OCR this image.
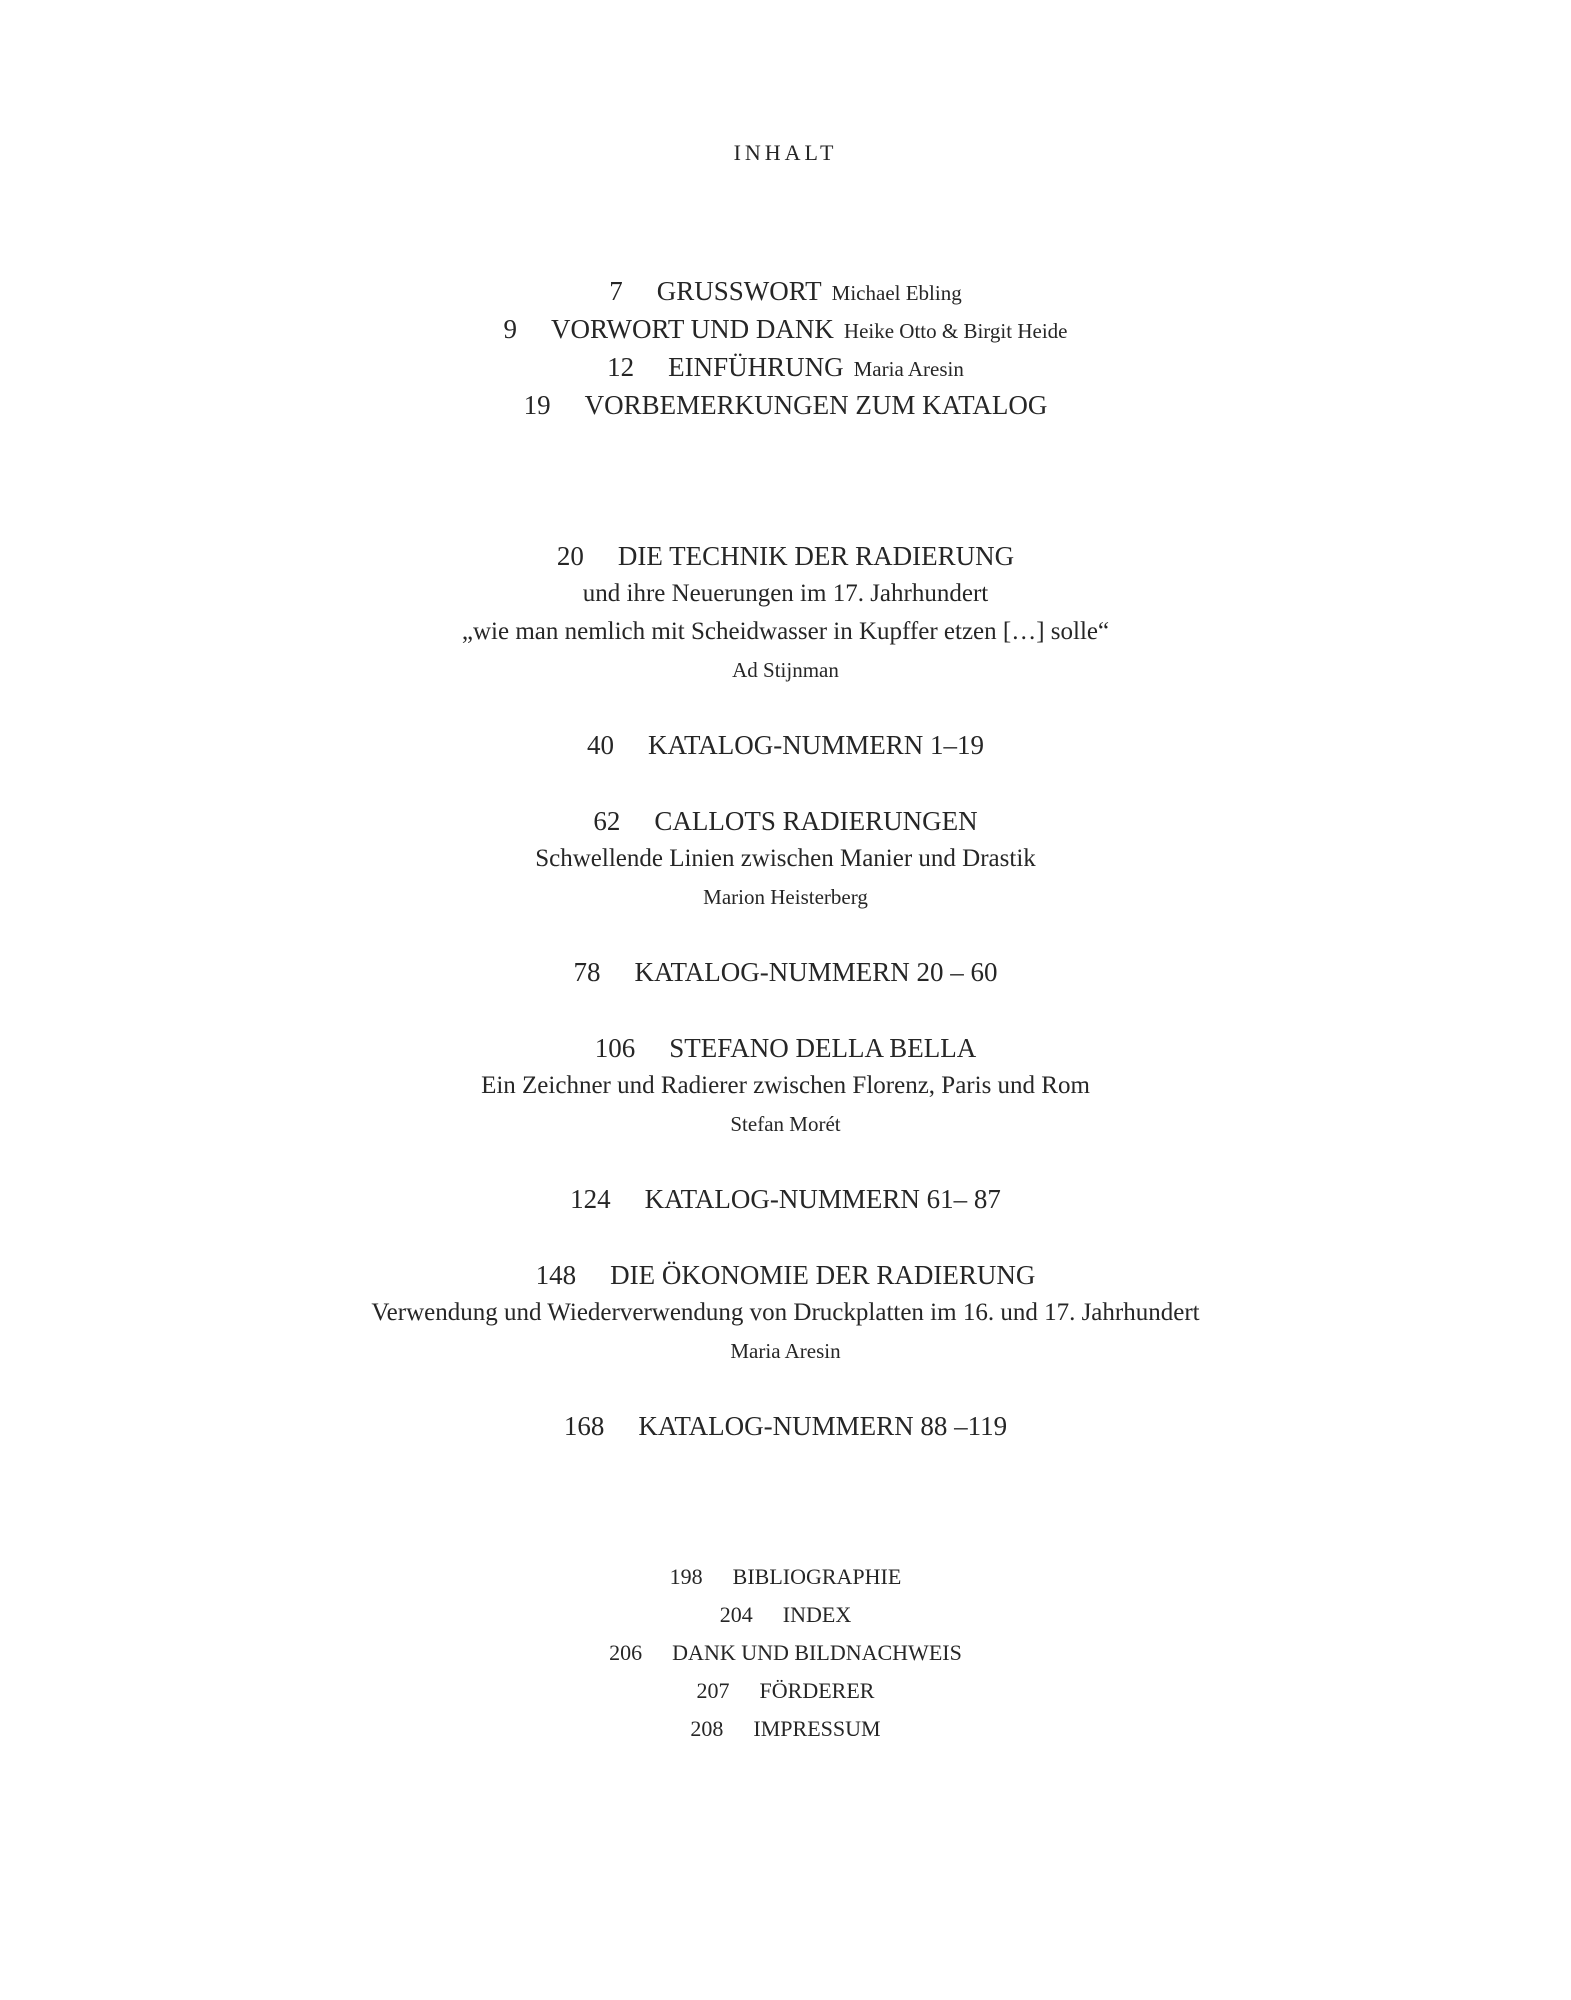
INHALT
7 GRUSSWORT Michael Ebling
9 VORWORT UND DANK Heike Otto & Birgit Heide
12 EINFÜHRUNG Maria Aresin
19 VORBEMERKUNGEN ZUM KATALOG
20 DIE TECHNIK DER RADIERUNG
und ihre Neuerungen im 17. Jahrhundert
„wie man nemlich mit Scheidwasser in Kupffer etzen […] solle“
Ad Stijnman
40 KATALOG-NUMMERN 1–19
62 CALLOTS RADIERUNGEN
Schwellende Linien zwischen Manier und Drastik
Marion Heisterberg
78 KATALOG-NUMMERN 20 – 60
106 STEFANO DELLA BELLA
Ein Zeichner und Radierer zwischen Florenz, Paris und Rom
Stefan Morét
124 KATALOG-NUMMERN 61– 87
148 DIE ÖKONOMIE DER RADIERUNG
Verwendung und Wiederverwendung von Druckplatten im 16. und 17. Jahrhundert
Maria Aresin
168 KATALOG-NUMMERN 88 –119
198 BIBLIOGRAPHIE
204 INDEX
206 DANK UND BILDNACHWEIS
207 FÖRDERER
208 IMPRESSUM
